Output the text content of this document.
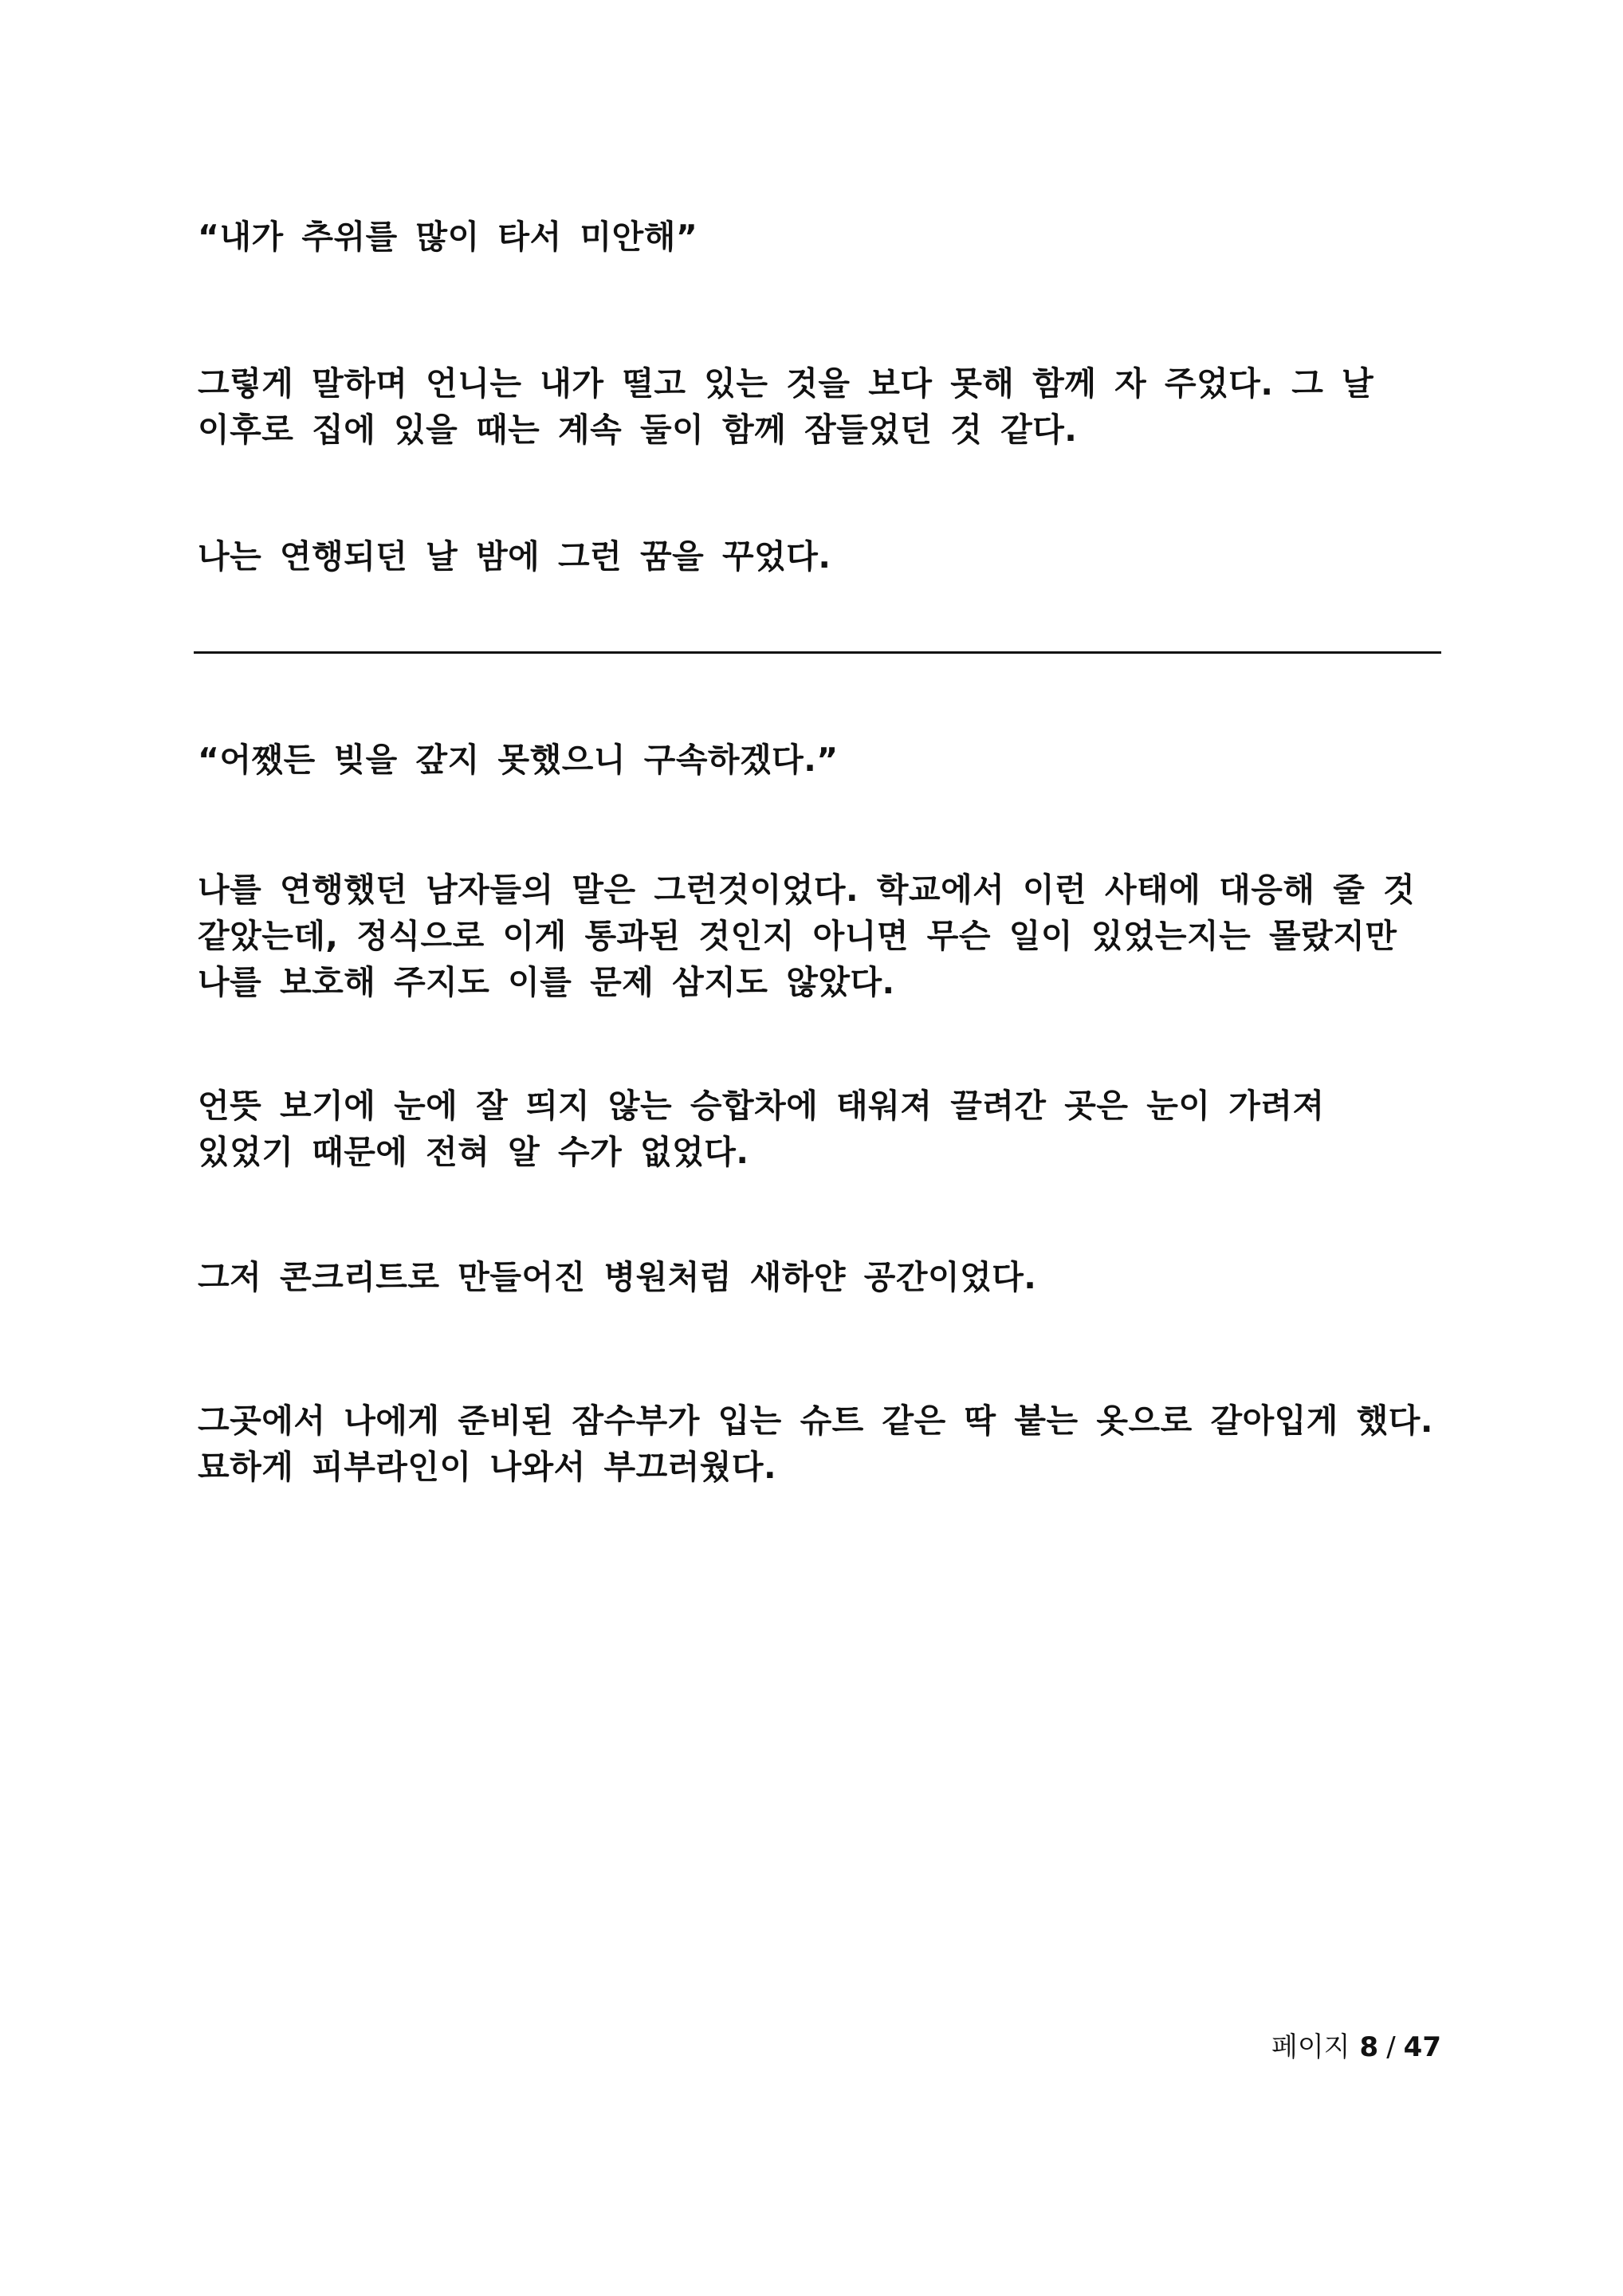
“내가 추위를 많이 타서 미안해”

그렇게 말하며 언니는 내가 떨고 있는 것을 보다 못해 함께 자 주었다. 그 날
이후로 집에 있을 때는 계속 둘이 함께 잠들었던 것 같다.

나는 연행되던 날 밤에 그런 꿈을 꾸었다.

“어쨌든 빚을 갚지 못했으니 구속하겠다.”

나를 연행했던 남자들의 말은 그런것이었다. 학교에서 이런 사태에 대응해 줄 것
같았는데, 정식으로 이게 통과된 것인지 아니면 무슨 일이 있었는지는 몰랐지만
나를 보호해 주지도 이를 문제 삼지도 않았다.

언뜻 보기에 눈에 잘 띄지 않는 승합차에 태워져 끌려간 곳은 눈이 가려져
있었기 때문에 전혀 알 수가 없었다.

그저 콘크리트로 만들어진 병원처럼 새하얀 공간이었다.

그곳에서 나에게 준비된 잠수부가 입는 슈트 같은 딱 붙는 옷으로 갈아입게 했다.
묘하게 피부라인이 나와서 부끄러웠다.

페이지 8 / 47
